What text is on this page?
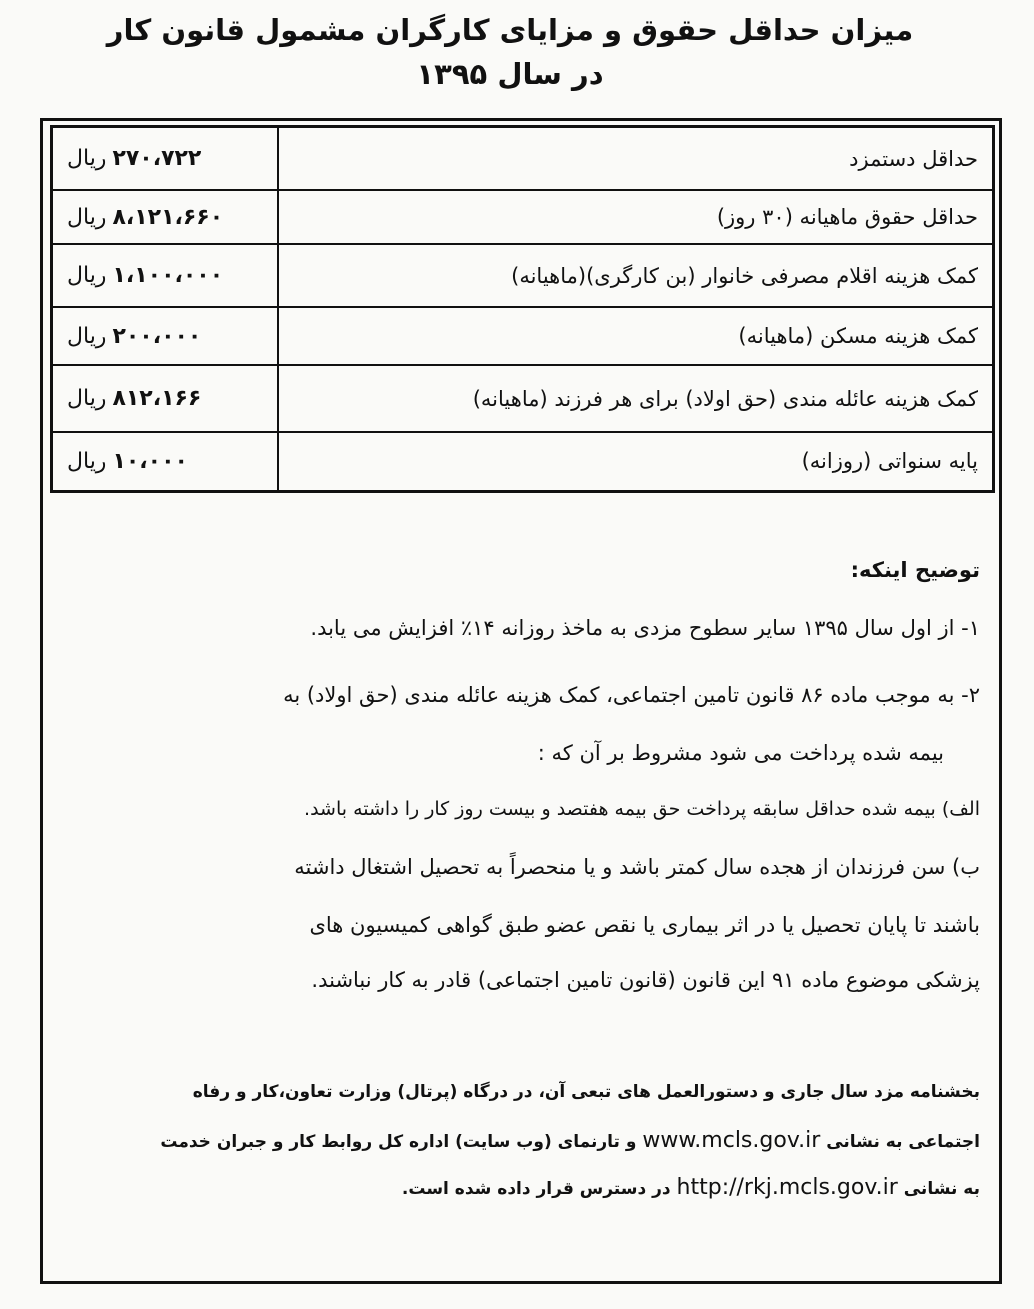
میزان حداقل حقوق و مزایای کارگران مشمول قانون کار در سال ۱۳۹۵
حداقل دستمزد	۲۷۰،۷۲۲ریال
حداقل حقوق ماهیانه (۳۰ روز)	۸،۱۲۱،۶۶۰ریال
کمک هزینه اقلام مصرفی خانوار (بن کارگری)(ماهیانه)	۱،۱۰۰،۰۰۰ریال
کمک هزینه مسکن (ماهیانه)	۲۰۰،۰۰۰ریال
کمک هزینه عائله مندی (حق اولاد) برای هر فرزند (ماهیانه)	۸۱۲،۱۶۶ریال
پایه سنواتی (روزانه)	۱۰،۰۰۰ریال
توضیح اینکه:
۱- از اول سال ۱۳۹۵ سایر سطوح مزدی به ماخذ روزانه ۱۴٪ افزایش می یابد.
۲- به موجب ماده ۸۶ قانون تامین اجتماعی، کمک هزینه عائله مندی (حق اولاد) به
بیمه شده پرداخت می شود مشروط بر آن که :
الف) بیمه شده حداقل سابقه پرداخت حق بیمه هفتصد و بیست روز کار را داشته باشد.
ب) سن فرزندان از هجده سال کمتر باشد و یا منحصراً به تحصیل اشتغال داشته
باشند تا پایان تحصیل یا در اثر بیماری یا نقص عضو طبق گواهی کمیسیون های
پزشکی موضوع ماده ۹۱ این قانون (قانون تامین اجتماعی) قادر به کار نباشند.
بخشنامه مزد سال جاری و دستورالعمل های تبعی آن، در درگاه (پرتال) وزارت تعاون،کار و رفاه
اجتماعی به نشانی www.mcls.gov.ir و تارنمای (وب سایت) اداره کل روابط کار و جبران خدمت
به نشانی http://rkj.mcls.gov.ir در دسترس قرار داده شده است.
